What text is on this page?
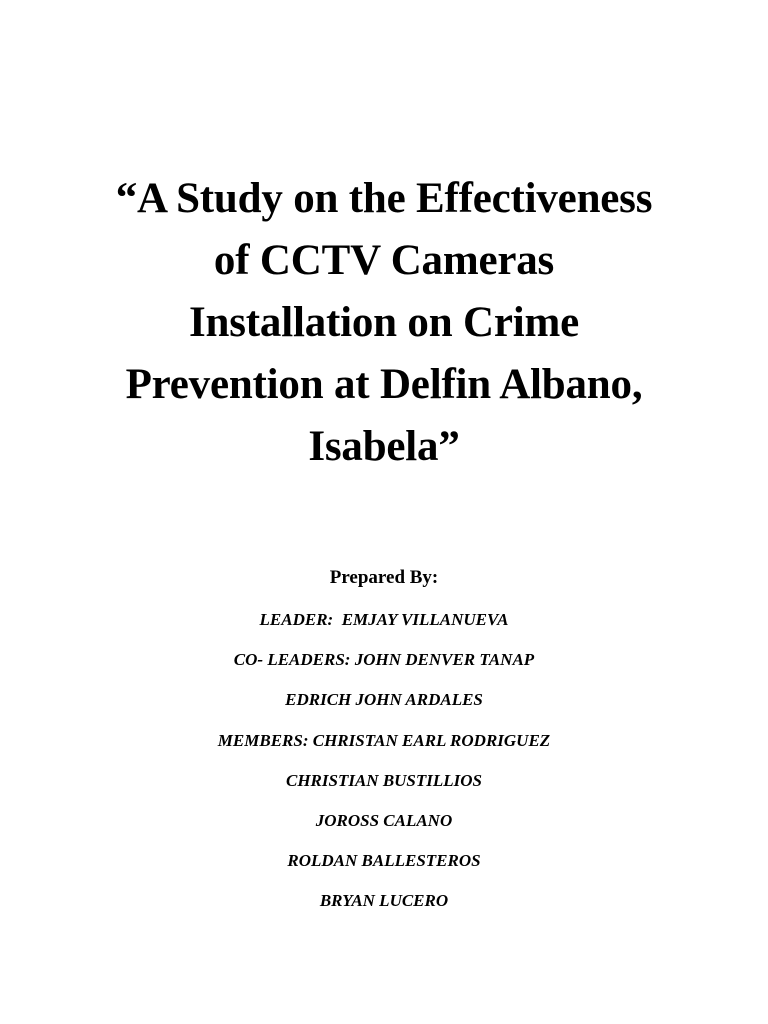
“A Study on the Effectiveness
of CCTV Cameras
Installation on Crime
Prevention at Delfin Albano,
Isabela”

Prepared By:

LEADER:  EMJAY VILLANUEVA
CO- LEADERS: JOHN DENVER TANAP
EDRICH JOHN ARDALES
MEMBERS: CHRISTAN EARL RODRIGUEZ
CHRISTIAN BUSTILLIOS
JOROSS CALANO
ROLDAN BALLESTEROS
BRYAN LUCERO
